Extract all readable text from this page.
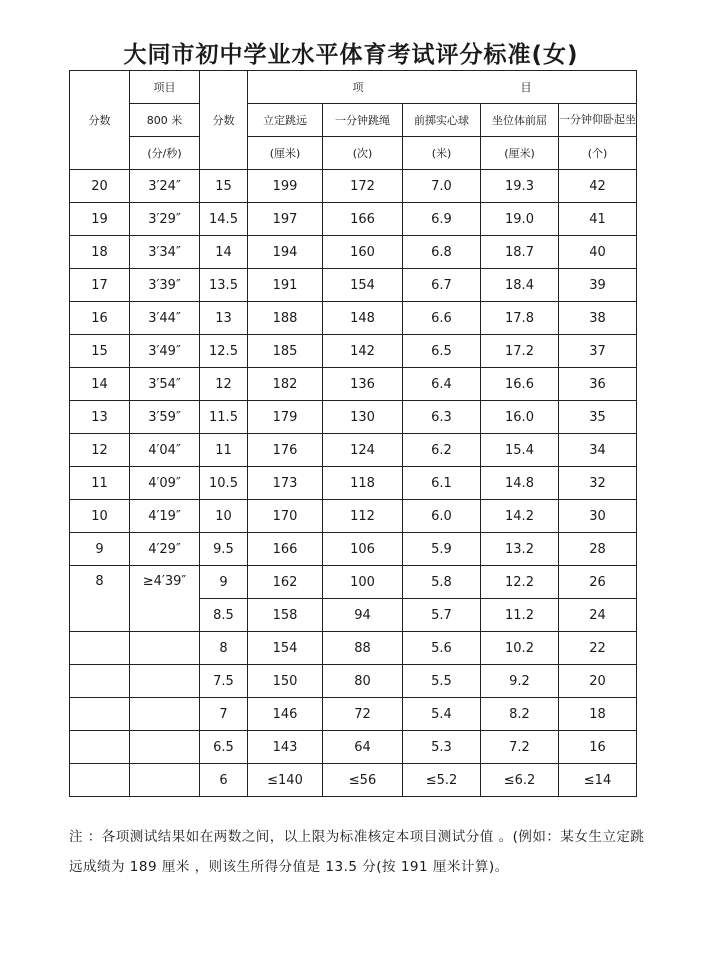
大同市初中学业水平体育考试评分标准(女)
分数	项目	分数	项 目				
	800 米		立定跳远	一分钟跳绳	前掷实心球	坐位体前屈	一分钟仰卧起坐
	(分/秒)		(厘米)	(次)	(米)	(厘米)	(个)
20	3′24″	15	199	172	7.0	19.3	42
19	3′29″	14.5	197	166	6.9	19.0	41
18	3′34″	14	194	160	6.8	18.7	40
17	3′39″	13.5	191	154	6.7	18.4	39
16	3′44″	13	188	148	6.6	17.8	38
15	3′49″	12.5	185	142	6.5	17.2	37
14	3′54″	12	182	136	6.4	16.6	36
13	3′59″	11.5	179	130	6.3	16.0	35
12	4′04″	11	176	124	6.2	15.4	34
11	4′09″	10.5	173	118	6.1	14.8	32
10	4′19″	10	170	112	6.0	14.2	30
9	4′29″	9.5	166	106	5.9	13.2	28
8	≥4′39″	9	162	100	5.8	12.2	26
		8.5	158	94	5.7	11.2	24
		8	154	88	5.6	10.2	22
		7.5	150	80	5.5	9.2	20
		7	146	72	5.4	8.2	18
		6.5	143	64	5.3	7.2	16
		6	≤140	≤56	≤5.2	≤6.2	≤14
注 ：各项测试结果如在两数之间，以上限为标准核定本项目测试分值 。(例如：某女生立定跳远成绩为 189 厘米 ，则该生所得分值是 13.5 分(按 191 厘米计算)。
